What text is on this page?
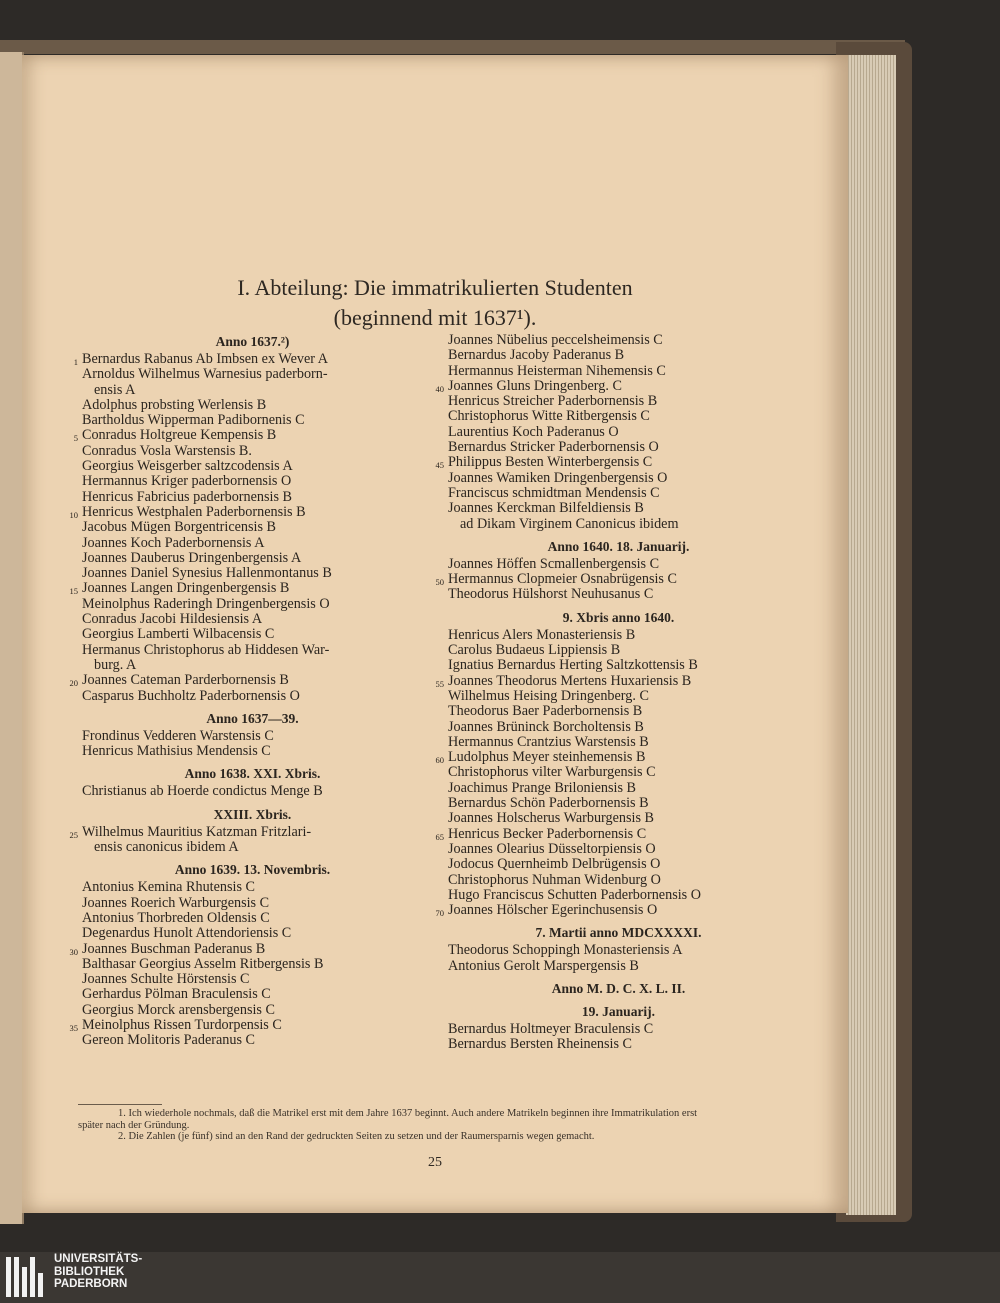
I. Abteilung: Die immatrikulierten Studenten
(beginnend mit 1637¹).
Anno 1637.²)
1 Bernardus Rabanus Ab Imbsen ex Wever A
Arnoldus Wilhelmus Warnesius paderborn-
ensis A
Adolphus probsting Werlensis B
Bartholdus Wipperman Padibornenis C
5 Conradus Holtgreue Kempensis B
Conradus Vosla Warstensis B.
Georgius Weisgerber saltzcodensis A
Hermannus Kriger paderbornensis O
Henricus Fabricius paderbornensis B
10 Henricus Westphalen Paderbornensis B
Jacobus Mügen Borgentricensis B
Joannes Koch Paderbornensis A
Joannes Dauberus Dringenbergensis A
Joannes Daniel Synesius Hallenmontanus B
15 Joannes Langen Dringenbergensis B
Meinolphus Raderingh Dringenbergensis O
Conradus Jacobi Hildesiensis A
Georgius Lamberti Wilbacensis C
Hermanus Christophorus ab Hiddesen War-
burg. A
20 Joannes Cateman Parderbornensis B
Casparus Buchholtz Paderbornensis O
Anno 1637—39.
Frondinus Vedderen Warstensis C
Henricus Mathisius Mendensis C
Anno 1638. XXI. Xbris.
Christianus ab Hoerde condictus Menge B
XXIII. Xbris.
25 Wilhelmus Mauritius Katzman Fritzlari-
ensis canonicus ibidem A
Anno 1639. 13. Novembris.
Antonius Kemina Rhutensis C
Joannes Roerich Warburgensis C
Antonius Thorbreden Oldensis C
Degenardus Hunolt Attendoriensis C
30 Joannes Buschman Paderanus B
Balthasar Georgius Asselm Ritbergensis B
Joannes Schulte Hörstensis C
Gerhardus Pölman Braculensis C
Georgius Morck arensbergensis C
35 Meinolphus Rissen Turdorpensis C
Gereon Molitoris Paderanus C
Joannes Nübelius peccelsheimensis C
Bernardus Jacoby Paderanus B
Hermannus Heisterman Nihemensis C
40 Joannes Gluns Dringenberg. C
Henricus Streicher Paderbornensis B
Christophorus Witte Ritbergensis C
Laurentius Koch Paderanus O
Bernardus Stricker Paderbornensis O
45 Philippus Besten Winterbergensis C
Joannes Wamiken Dringenbergensis O
Franciscus schmidtman Mendensis C
Joannes Kerckman Bilfeldiensis B
ad Dikam Virginem Canonicus ibidem
Anno 1640. 18. Januarij.
Joannes Höffen Scmallenbergensis C
50 Hermannus Clopmeier Osnabrügensis C
Theodorus Hülshorst Neuhusanus C
9. Xbris anno 1640.
Henricus Alers Monasteriensis B
Carolus Budaeus Lippiensis B
Ignatius Bernardus Herting Saltzkottensis B
55 Joannes Theodorus Mertens Huxariensis B
Wilhelmus Heising Dringenberg. C
Theodorus Baer Paderbornensis B
Joannes Brüninck Borcholtensis B
Hermannus Crantzius Warstensis B
60 Ludolphus Meyer steinhemensis B
Christophorus vilter Warburgensis C
Joachimus Prange Briloniensis B
Bernardus Schön Paderbornensis B
Joannes Holscherus Warburgensis B
65 Henricus Becker Paderbornensis C
Joannes Olearius Düsseltorpiensis O
Jodocus Quernheimb Delbrügensis O
Christophorus Nuhman Widenburg O
Hugo Franciscus Schutten Paderbornensis O
70 Joannes Hölscher Egerinchusensis O
7. Martii anno MDCXXXXI.
Theodorus Schoppingh Monasteriensis A
Antonius Gerolt Marspergensis B
Anno M. D. C. X. L. II.
19. Januarij.
Bernardus Holtmeyer Braculensis C
Bernardus Bersten Rheinensis C
1. Ich wiederhole nochmals, daß die Matrikel erst mit dem Jahre 1637 beginnt. Auch andere Matrikeln beginnen ihre Immatrikulation erst später nach der Gründung.
2. Die Zahlen (je fünf) sind an den Rand der gedruckten Seiten zu setzen und der Raumersparnis wegen gemacht.
25
UNIVERSITÄTS-
BIBLIOTHEK
PADERBORN
